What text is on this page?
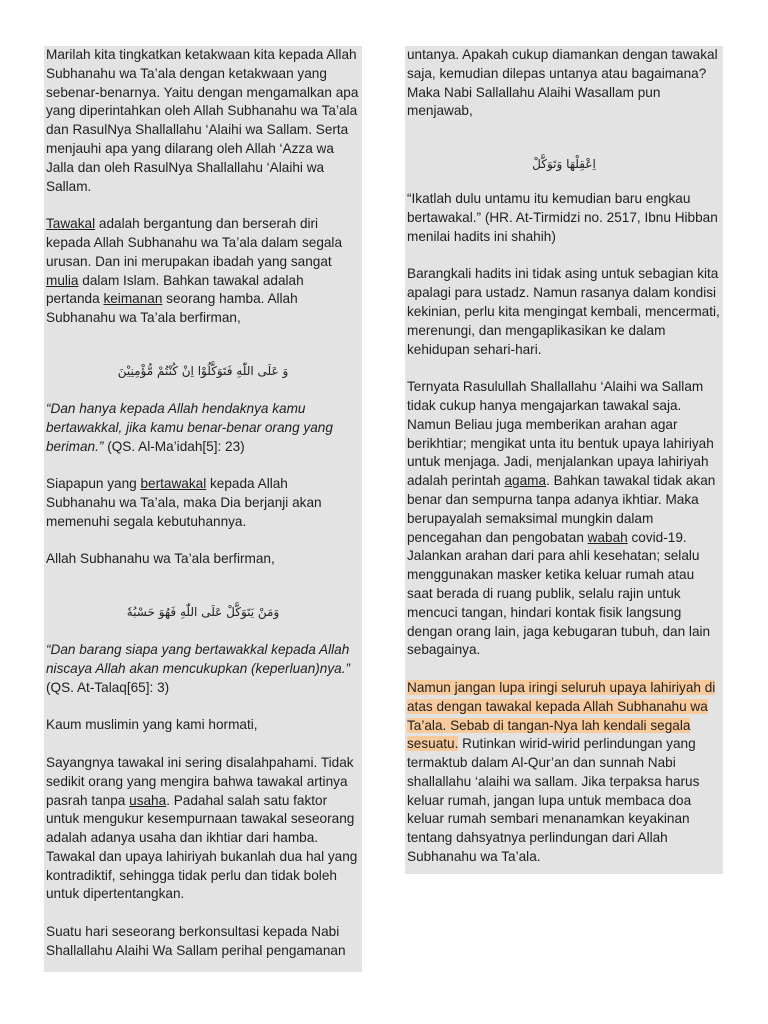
Marilah kita tingkatkan ketakwaan kita kepada Allah Subhanahu wa Ta’ala dengan ketakwaan yang sebenar-benarnya. Yaitu dengan mengamalkan apa yang diperintahkan oleh Allah Subhanahu wa Ta’ala dan RasulNya Shallallahu ‘Alaihi wa Sallam. Serta menjauhi apa yang dilarang oleh Allah ‘Azza wa Jalla dan oleh RasulNya Shallallahu ‘Alaihi wa Sallam.

Tawakal adalah bergantung dan berserah diri kepada Allah Subhanahu wa Ta’ala dalam segala urusan. Dan ini merupakan ibadah yang sangat mulia dalam Islam. Bahkan tawakal adalah pertanda keimanan seorang hamba. Allah Subhanahu wa Ta’ala berfirman,

وَ عَلَى اللّٰهِ فَتَوَكَّلُوْا اِنْ كُنْتُمْ مُّؤْمِنِيْنَ

“Dan hanya kepada Allah hendaknya kamu bertawakkal, jika kamu benar-benar orang yang beriman.” (QS. Al-Ma’idah[5]: 23)

Siapapun yang bertawakal kepada Allah Subhanahu wa Ta’ala, maka Dia berjanji akan memenuhi segala kebutuhannya.

Allah Subhanahu wa Ta’ala berfirman,

وَمَنْ يَتَوَكَّلْ عَلَى اللّٰهِ فَهُوَ حَسْبُهٗ

“Dan barang siapa yang bertawakkal kepada Allah niscaya Allah akan mencukupkan (keperluan)nya.” (QS. At-Talaq[65]: 3)

Kaum muslimin yang kami hormati,

Sayangnya tawakal ini sering disalahpahami. Tidak sedikit orang yang mengira bahwa tawakal artinya pasrah tanpa usaha. Padahal salah satu faktor untuk mengukur kesempurnaan tawakal seseorang adalah adanya usaha dan ikhtiar dari hamba. Tawakal dan upaya lahiriyah bukanlah dua hal yang kontradiktif, sehingga tidak perlu dan tidak boleh untuk dipertentangkan.

Suatu hari seseorang berkonsultasi kepada Nabi Shallallahu Alaihi Wa Sallam perihal pengamanan

untanya. Apakah cukup diamankan dengan tawakal saja, kemudian dilepas untanya atau bagaimana? Maka Nabi Sallallahu Alaihi Wasallam pun menjawab,

اِعْقِلْهَا وَتَوَكَّلْ

“Ikatlah dulu untamu itu kemudian baru engkau bertawakal.” (HR. At-Tirmidzi no. 2517, Ibnu Hibban menilai hadits ini shahih)

Barangkali hadits ini tidak asing untuk sebagian kita apalagi para ustadz. Namun rasanya dalam kondisi kekinian, perlu kita mengingat kembali, mencermati, merenungi, dan mengaplikasikan ke dalam kehidupan sehari-hari.

Ternyata Rasulullah Shallallahu ‘Alaihi wa Sallam tidak cukup hanya mengajarkan tawakal saja. Namun Beliau juga memberikan arahan agar berikhtiar; mengikat unta itu bentuk upaya lahiriyah untuk menjaga. Jadi, menjalankan upaya lahiriyah adalah perintah agama. Bahkan tawakal tidak akan benar dan sempurna tanpa adanya ikhtiar. Maka berupayalah semaksimal mungkin dalam pencegahan dan pengobatan wabah covid-19. Jalankan arahan dari para ahli kesehatan; selalu menggunakan masker ketika keluar rumah atau saat berada di ruang publik, selalu rajin untuk mencuci tangan, hindari kontak fisik langsung dengan orang lain, jaga kebugaran tubuh, dan lain sebagainya.

Namun jangan lupa iringi seluruh upaya lahiriyah di atas dengan tawakal kepada Allah Subhanahu wa Ta’ala. Sebab di tangan-Nya lah kendali segala sesuatu. Rutinkan wirid-wirid perlindungan yang termaktub dalam Al-Qur’an dan sunnah Nabi shallallahu ‘alaihi wa sallam. Jika terpaksa harus keluar rumah, jangan lupa untuk membaca doa keluar rumah sembari menanamkan keyakinan tentang dahsyatnya perlindungan dari Allah Subhanahu wa Ta’ala.
